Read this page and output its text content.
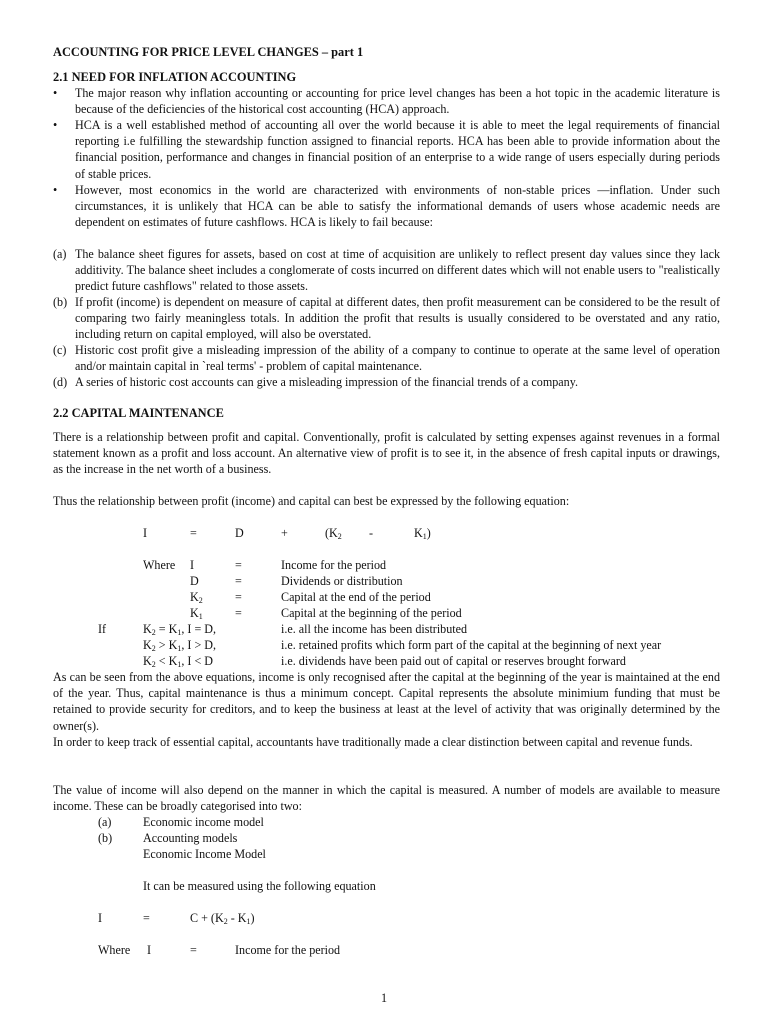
ACCOUNTING FOR PRICE LEVEL CHANGES – part 1
2.1 NEED FOR INFLATION ACCOUNTING
•	The major reason why inflation accounting or accounting for price level changes has been a hot topic in the academic literature is because of the deficiencies of the historical cost accounting (HCA) approach.

•	HCA is a well established method of accounting all over the world because it is able to meet the legal requirements of financial reporting i.e fulfilling the stewardship function assigned to financial reports. HCA has been able to provide information about the financial position, performance and changes in financial position of an enterprise to a wide range of users especially during periods of stable prices.

•	However, most economics in the world are characterized with environments of non-stable prices —inflation. Under such circumstances, it is unlikely that HCA can be able to satisfy the informational demands of users whose academic needs are dependent on estimates of future cashflows. HCA is likely to fail because:

(a) The balance sheet figures for assets, based on cost at time of acquisition are unlikely to reflect present day values since they lack additivity. The balance sheet includes a conglomerate of costs incurred on different dates which will not enable users to "realistically predict future cashflows" related to those assets.

(b) If profit (income) is dependent on measure of capital at different dates, then profit measurement can be considered to be the result of comparing two fairly meaningless totals. In addition the profit that results is usually considered to be overstated and any ratio, including return on capital employed, will also be overstated.

(c) Historic cost profit give a misleading impression of the ability of a company to continue to operate at the same level of operation and/or maintain capital in `real terms' - problem of capital maintenance.

(d) A series of historic cost accounts can give a misleading impression of the financial trends of a company.

2.2 CAPITAL MAINTENANCE

There is a relationship between profit and capital. Conventionally, profit is calculated by setting expenses against revenues in a formal statement known as a profit and loss account. An alternative view of profit is to see it, in the absence of fresh capital inputs or drawings, as the increase in the net worth of a business.

Thus the relationship between profit (income) and capital can best be expressed by the following equation:

I	=	D	+	($K_2$ -	$K_1$)
Where I	=	Income for the period
D	=	Dividends or distribution
$K_2$	=	Capital at the end of the period
$K_1$	=	Capital at the beginning of the period
If	$K_2 = K_1$, I = D,	i.e. all the income has been distributed
$K_2 > K_1$, I > D,	i.e. retained profits which form part of the capital at the beginning of next year
$K_2 < K_1$, I < D	i.e. dividends have been paid out of capital or reserves brought forward

As can be seen from the above equations, income is only recognised after the capital at the beginning of the year is maintained at the end of the year. Thus, capital maintenance is thus a minimum concept. Capital represents the absolute minimium funding that must be retained to provide security for creditors, and to keep the business at least at the level of activity that was originally determined by the owner(s).

In order to keep track of essential capital, accountants have traditionally made a clear distinction between capital and revenue funds.

The value of income will also depend on the manner in which the capital is measured. A number of models are available to measure income. These can be broadly categorised into two:

(a)	Economic income model
(b)	Accounting models
Economic Income Model
It can be measured using the following equation
I	=	$C + (K_2 - K_1)$
Where I	=	Income for the period
1
